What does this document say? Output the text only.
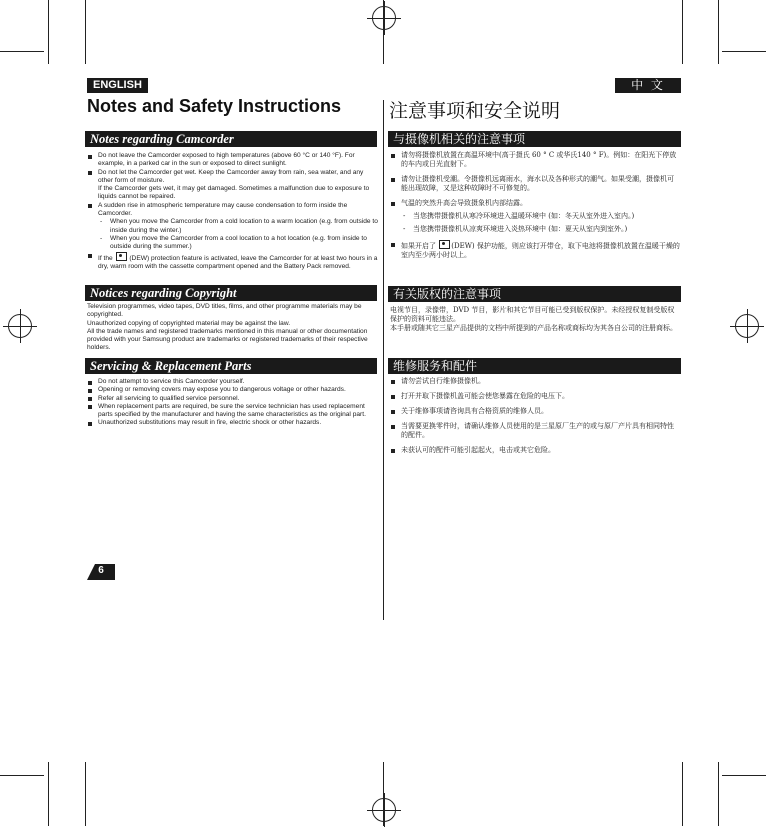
ENGLISH	中 文
Notes and Safety Instructions	注意事项和安全说明
Notes regarding Camcorder
Do not leave the Camcorder exposed to high temperatures (above 60 °C or 140 °F). For example, in a parked car in the sun or exposed to direct sunlight.
Do not let the Camcorder get wet. Keep the Camcorder away from rain, sea water, and any other form of moisture.
If the Camcorder gets wet, it may get damaged. Sometimes a malfunction due to exposure to liquids cannot be repaired.
A sudden rise in atmospheric temperature may cause condensation to form inside the Camcorder.
- When you move the Camcorder from a cold location to a warm location (e.g. from outside to inside during the winter.)
- When you move the Camcorder from a cool location to a hot location (e.g. from inside to outside during the summer.)
If the	(DEW) protection feature is activated, leave the Camcorder for at least two hours in a dry, warm room with the cassette compartment opened and the Battery Pack removed.
Notices regarding Copyright

Television programmes, video tapes, DVD titles, films, and other programme materials may be copyrighted.

Unauthorized copying of copyrighted material may be against the law.

All the trade names and registered trademarks mentioned in this manual or other documentation provided with your Samsung product are trademarks or registered trademarks of their respective holders.

Servicing & Replacement Parts
Do not attempt to service this Camcorder yourself.
Opening or removing covers may expose you to dangerous voltage or other hazards.
Refer all servicing to qualified service personnel.
When replacement parts are required, be sure the service technician has used replacement parts specified by the manufacturer and having the same characteristics as the original part.
Unauthorized substitutions may result in fire, electric shock or other hazards.
与摄像机相关的注意事项
请勿将摄像机放置在高温环境中(高于摄氏 60 ° C 或华氏140 ° F)。例如：在阳光下停放的车内或日光直射下。
请勿让摄像机受潮。令摄像机远离雨水，海水以及各种形式的潮气。如果受潮，摄像机可能出现故障，又是这种故障时不可修复的。
气温的突然升高会导致摄象机内部结露。
- 当您携带摄像机从寒冷环境进入温暖环境中 (如：冬天从室外进入室内。)
- 当您携带摄像机从凉爽环境进入炎热环境中 (如：夏天从室内到室外。)
如果开启了 (DEW) 保护功能，则应该打开带仓，取下电池将摄像机放置在温暖干燥的室内至少两小时以上。
有关版权的注意事项

电视节目，录像带，DVD 节目，影片和其它节目可能已受到版权保护。未经授权复制受版权保护的资料可能违法。

本手册或随其它三星产品提供的文档中所提到的产品名称或商标均为其各自公司的注册商标。

维修服务和配件
请勿尝试自行维修摄像机。
打开并取下摄像机盖可能会使您暴露在危险的电压下。
关于维修事项请咨询具有合格资质的维修人员。
当需要更换零件时，请确认维修人员使用的是三星原厂生产的或与原厂产片具有相同特性的配件。
未获认可的配件可能引起起火，电击或其它危险。
6
